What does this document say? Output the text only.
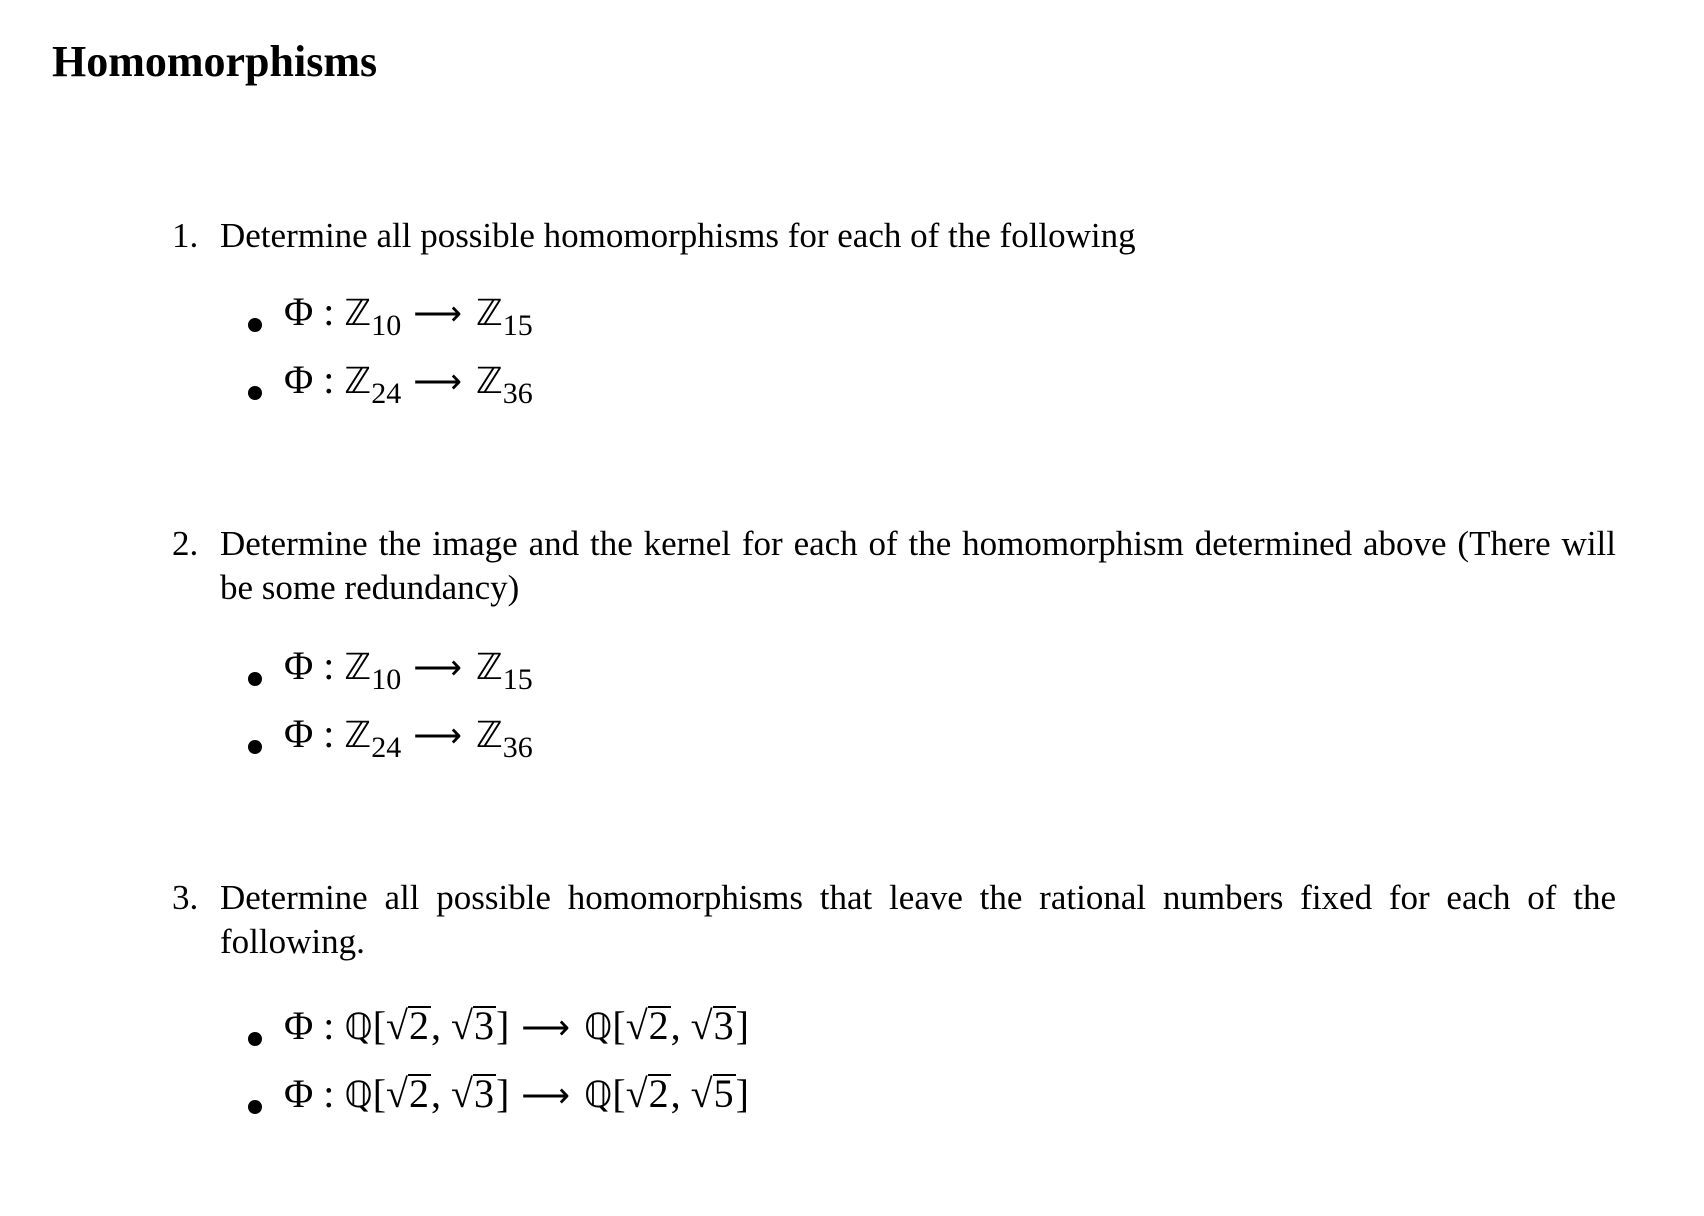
Homomorphisms
1. Determine all possible homomorphisms for each of the following
Φ : ℤ$_{10}$ ⟶ ℤ$_{15}$
Φ : ℤ$_{24}$ ⟶ ℤ$_{36}$
2. Determine the image and the kernel for each of the homomorphism determined above (There will be some redundancy)
Φ : ℤ$_{10}$ ⟶ ℤ$_{15}$
Φ : ℤ$_{24}$ ⟶ ℤ$_{36}$
3. Determine all possible homomorphisms that leave the rational numbers fixed for each of the following.
Φ : ℚ[√2, √3] ⟶ ℚ[√2, √3]
Φ : ℚ[√2, √3] ⟶ ℚ[√2, √5]
